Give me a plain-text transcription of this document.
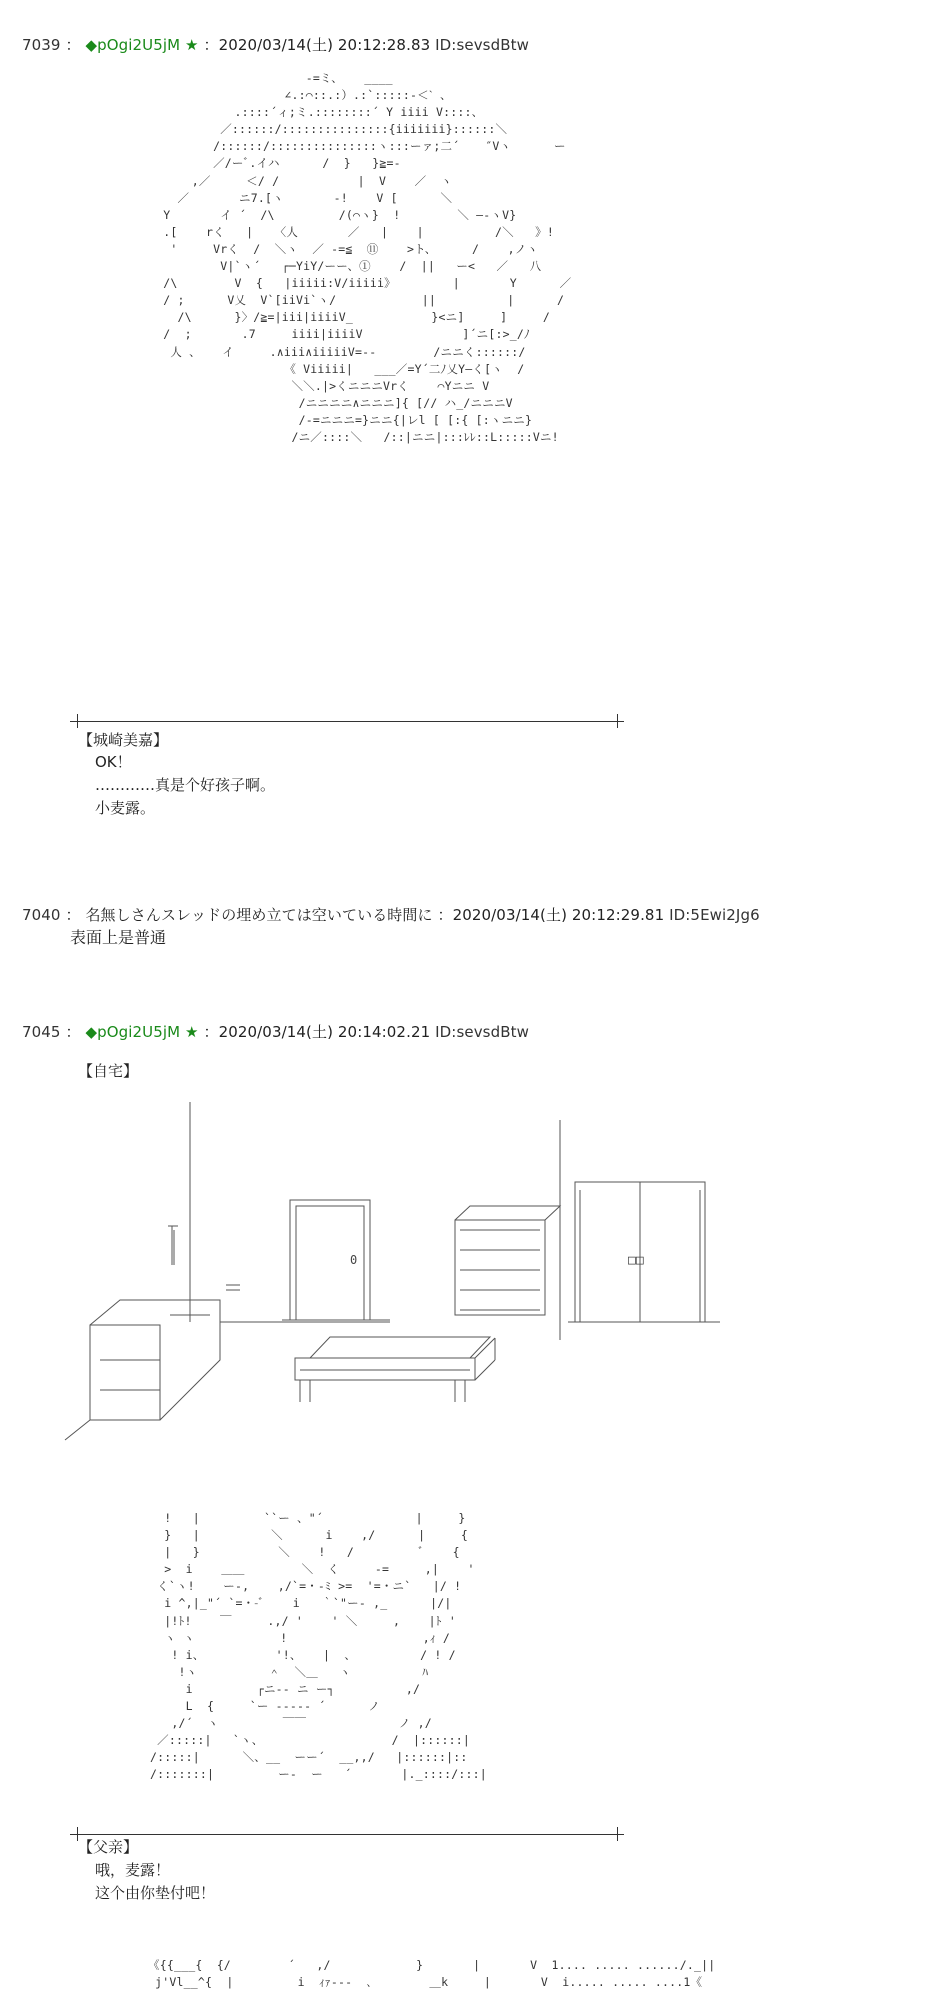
7039 ： ◆pOgi2U5jM ★ ：2020/03/14(土) 20:12:28.83 ID:sevsdBtw
-=ミ、   ____
∠.:⌒::.:）.:`:::::-＜ˋ 、
.::::´ィ;ミ.::::::::´ Y iiii V::::、
／::::::/:::::::::::::::{iiiiiii}::::::＼
/::::::/:::::::::::::::ヽ:::ーァ;二´  　″Vヽ      ー
／/ーﾞ.イハ      /  }   }≧=-
,／     ＜/ /           |  V    ／  ヽ
／       ニ7.[ヽ       -!    V [      ＼
Y       イ ´  /\         /(⌒ヽ}  !        ＼ ―-ヽV}
.[    rく   |   〈人       ／   |    |          /＼   》!
'     Vrく  /  ＼ヽ  ／ -=≦  ⑪    >ト、     /    ,ノヽ
V|`ヽ´   ┌─YiY/ーー、①    /  ||   ー<   ／   八
/\        V  {   |iiiii:V/iiiii》        |       Y      ／
/ ;      V乂  V`[iiVi`ヽ/            ||          |      /
/\      }〉/≧=|iii|iiiiV_           }<ニ]     ]     /
/  ;       .7     iiii|iiiiV              ]´ニ[:>_/ﾉ
人 、   イ     .∧iii∧iiiiiV=--        /ニニく::::::/
《 Viiiii|   ___／=Y´二ﾉ乂Y―く[ヽ  /
＼＼.|>くニニニVrく    ⌒Yニニ V
/ニニニニ∧ニニニ]{ [// ハ_/ニニニV
/-=ニニニ=}ニニ{|レl [ [:{ [:ヽニニ}
/ニ／::::＼   /::|ニニ|:::ﾚﾚ::L:::::Vニ!
【城崎美嘉】
OK！
…………真是个好孩子啊。
小麦露。
7040 ： 名無しさんスレッドの埋め立ては空いている時間に ：2020/03/14(土) 20:12:29.81 ID:5Ewi2Jg6
表面上是普通
7045 ： ◆pOgi2U5jM ★ ：2020/03/14(土) 20:14:02.21 ID:sevsdBtw
【自宅】
0	□□
!   |         ``ー 、"´             |     }
}   |          ＼      i    ,/      |     {
|   }           ＼    !   /         ﾞ    {
>  i    ＿＿        ＼  く     -=     ,|    '
く`ヽ!    ー-,    ,/`=・-ﾐ >=  '=・ニ`   |/ !
i ^,|_"´ `=・-ﾞ    i   ｀`"ー- ,_      |/|
|!ﾄ!    ￣     .,/ '    ' ＼     ,    |ﾄ '
ヽ ヽ            !                   ,ｨ /
! i、          '!、   |  、         / ! /
!ヽ          ＾  ＼＿   ヽ          ﾊ
i         ┌ニ-- ニ ー┐          ,/
L  {     `ー ‐‐‐‐‐ ´      ノ
,/´  ヽ         ￣￣             ノ ,/
／:::::|   `ヽ、                  /  |::::::|
/:::::|      ＼、__  ーー´  __,,/   |::::::|::
/:::::::|         ー-  ー   ´       |._::::/:::|
【父亲】
哦，麦露！
这个由你垫付吧！
《{{___{  {/        ´   ,/            }       |       V  1.... ..... ....../._||
j'Vl__^{  |         i  ｨｧ---  ､        ＿k     |       V  i..... ..... ....1《
